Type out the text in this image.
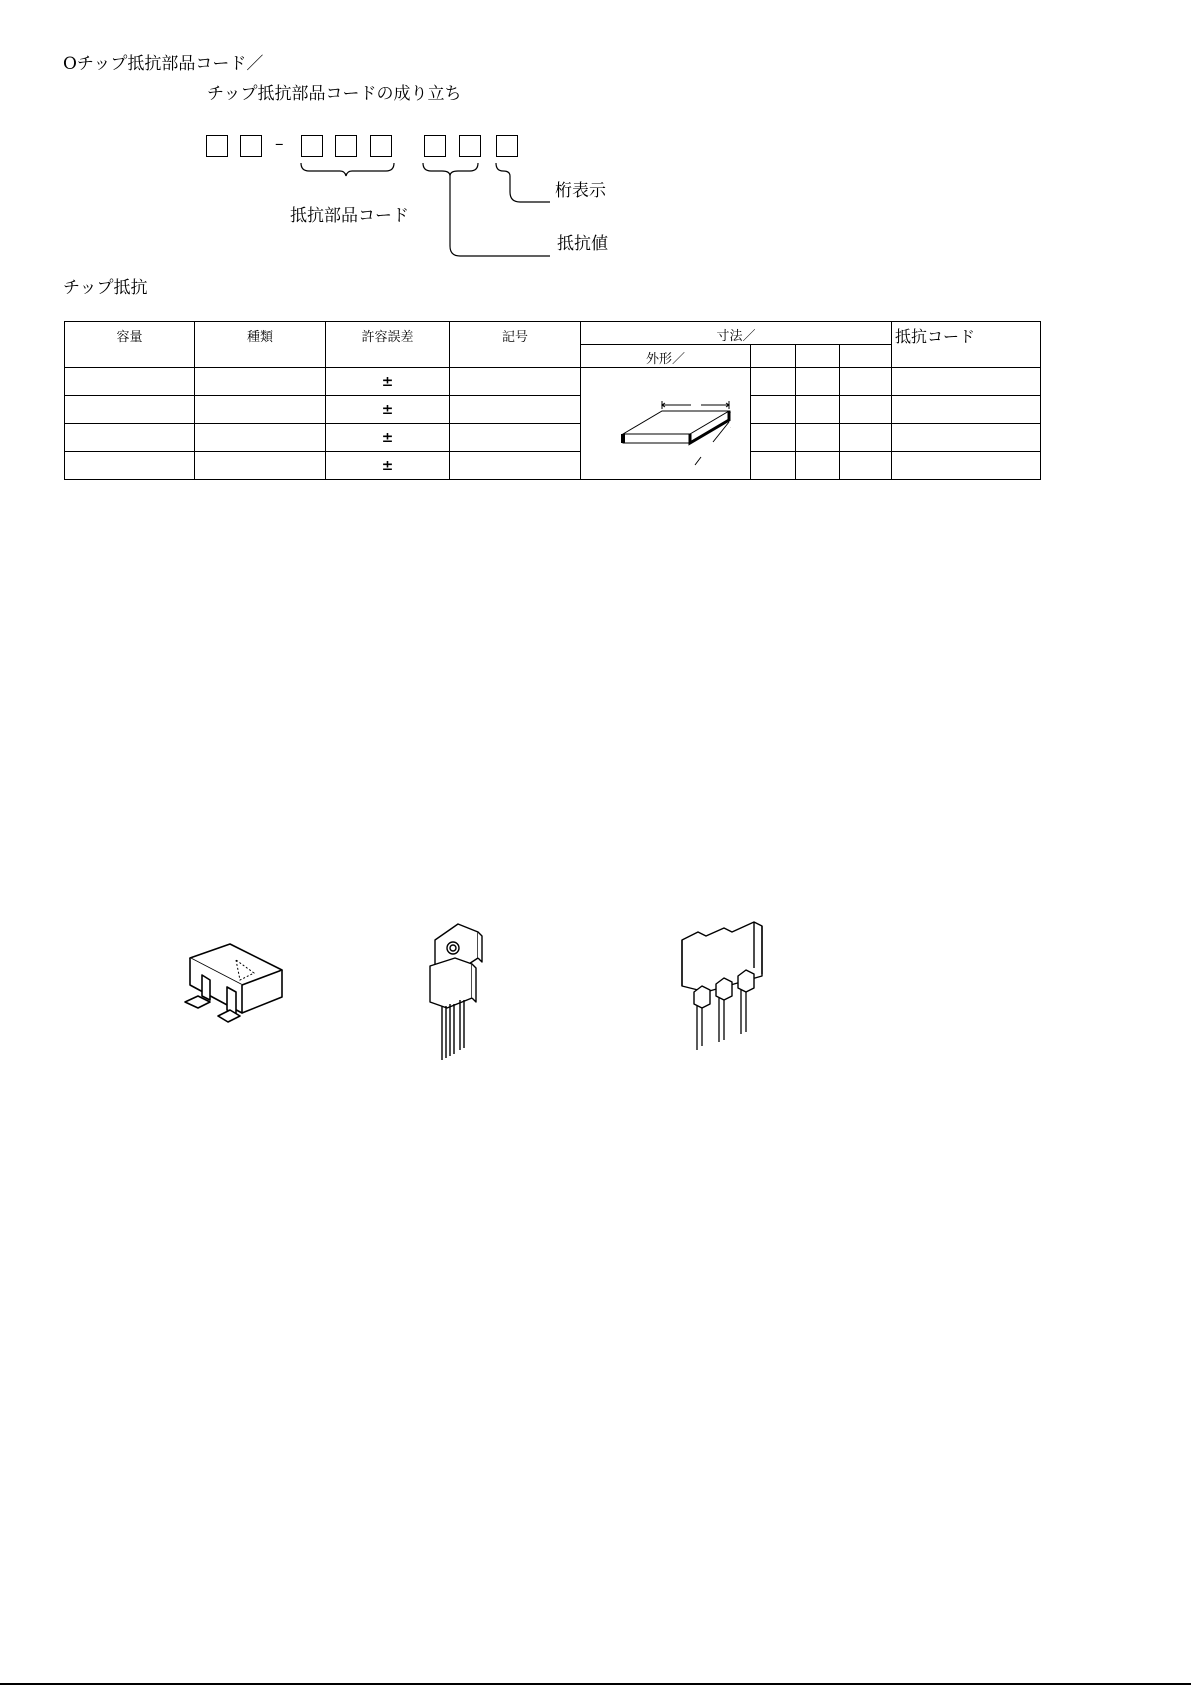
Oチップ抵抗部品コード／
チップ抵抗部品コードの成り立ち
–
抵抗部品コード
桁表示
抵抗値
チップ抵抗
容量	種類	許容誤差	記号	寸法／				抵抗コード
				外形／				
		±						
		±						
		±						
		±						
